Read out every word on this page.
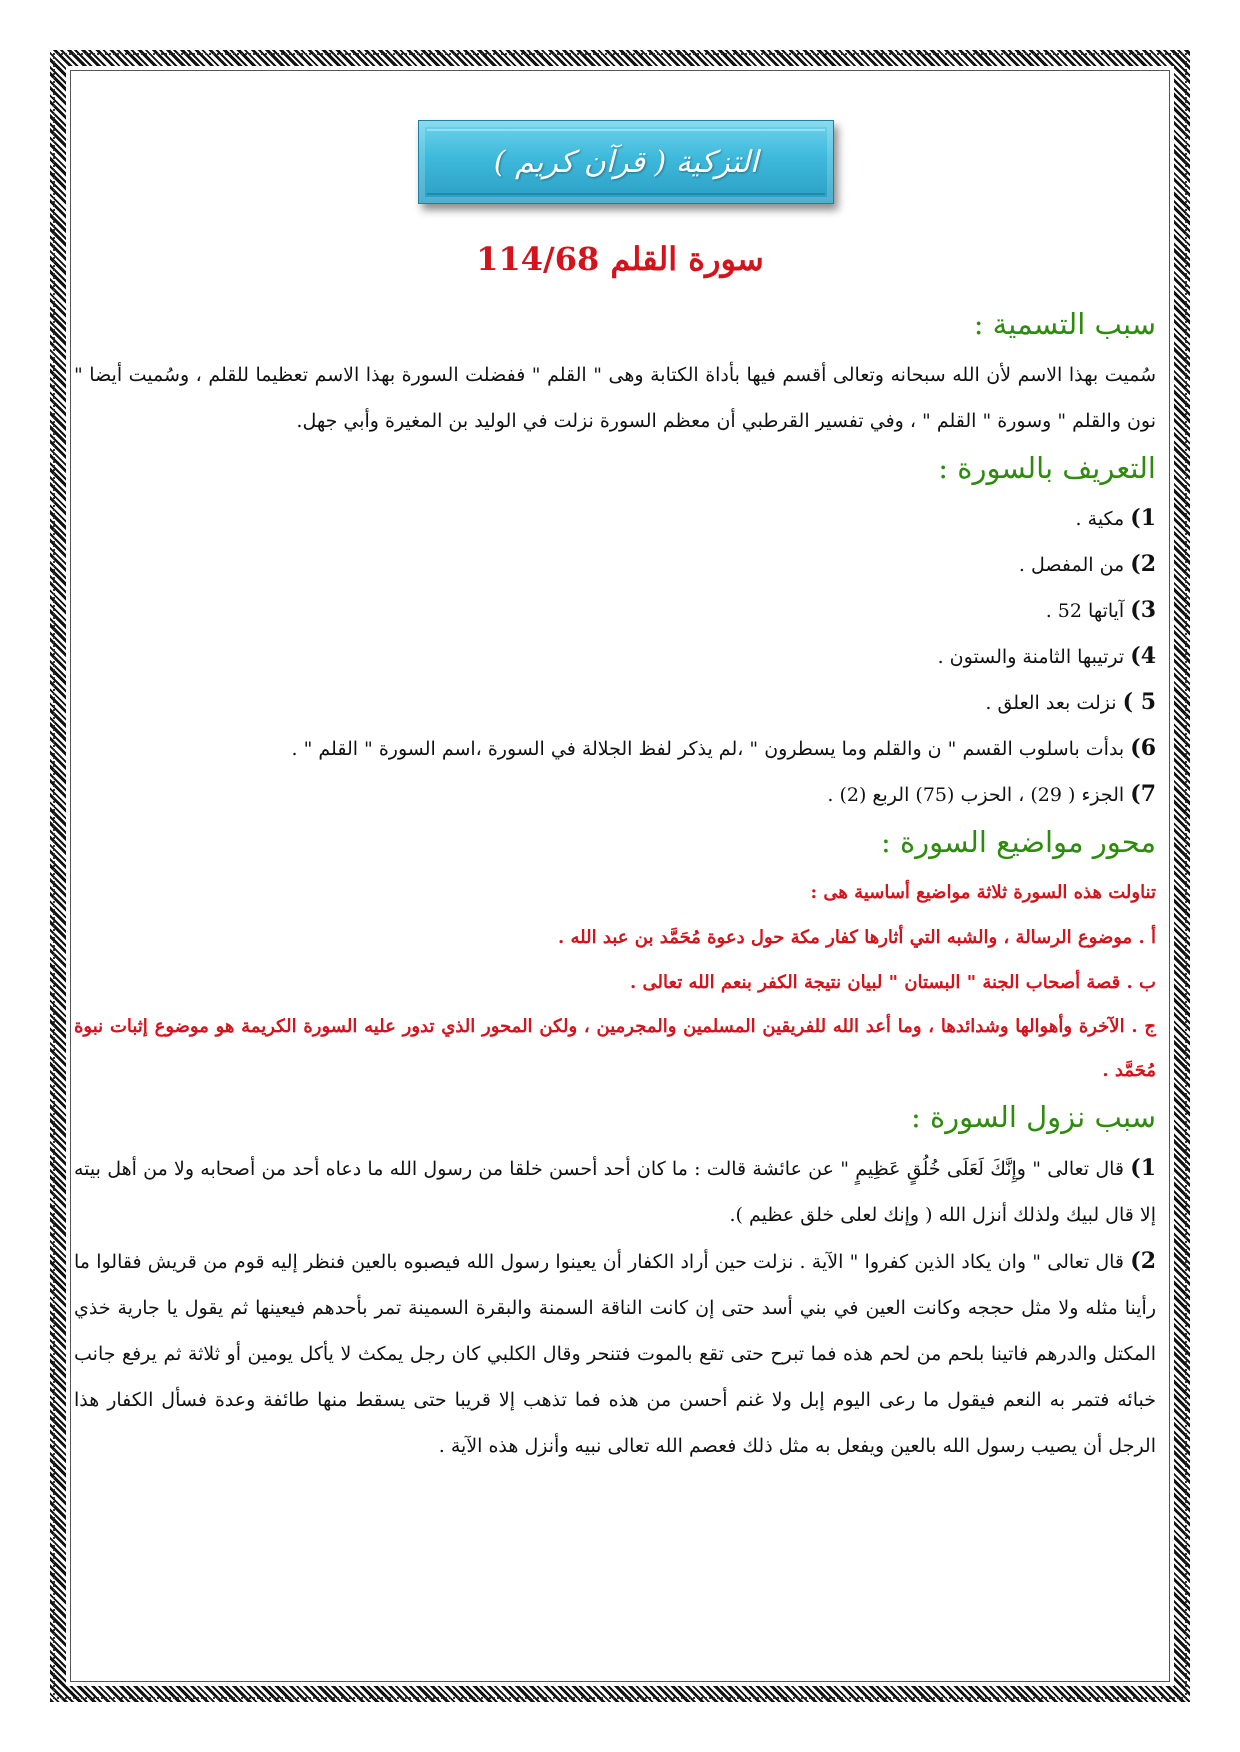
التزكية ( قرآن كريم )
سورة القلم 114/68
سبب التسمية :

سُميت بهذا الاسم لأن الله سبحانه وتعالى أقسم فيها بأداة الكتابة وهى " القلم " ففضلت السورة بهذا الاسم تعظيما للقلم ، وسُميت أيضا " نون والقلم " وسورة " القلم " ، وفي تفسير القرطبي أن معظم السورة نزلت في الوليد بن المغيرة وأبي جهل.

التعريف بالسورة :

1) مكية .

2) من المفصل .

3) آياتها 52 .

4) ترتيبها الثامنة والستون .

5 ) نزلت بعد العلق .

6) بدأت باسلوب القسم " ن والقلم وما يسطرون " ،لم يذكر لفظ الجلالة في السورة ،اسم السورة " القلم " .

7) الجزء ( 29) ، الحزب (75) الربع (2) .

محور مواضيع السورة :

تناولت هذه السورة ثلاثة مواضيع أساسية هى :

أ . موضوع الرسالة ، والشبه التي أثارها كفار مكة حول دعوة مُحَمَّد بن عبد الله .

ب . قصة أصحاب الجنة " البستان " لبيان نتيجة الكفر بنعم الله تعالى .

ج . الآخرة وأهوالها وشدائدها ، وما أعد الله للفريقين المسلمين والمجرمين ، ولكن المحور الذي تدور عليه السورة الكريمة هو موضوع إثبات نبوة مُحَمَّد .

سبب نزول السورة :

1) قال تعالى " وإِنَّكَ لَعَلَى خُلُقٍ عَظِيمٍ " عن عائشة قالت : ما كان أحد أحسن خلقا من رسول الله ما دعاه أحد من أصحابه ولا من أهل بيته إلا قال لبيك ولذلك أنزل الله ( وإنك لعلى خلق عظيم ).

2) قال تعالى " وان يكاد الذين كفروا " الآية . نزلت حين أراد الكفار أن يعينوا رسول الله فيصبوه بالعين فنظر إليه قوم من قريش فقالوا ما رأينا مثله ولا مثل حججه وكانت العين في بني أسد حتى إن كانت الناقة السمنة والبقرة السمينة تمر بأحدهم فيعينها ثم يقول يا جارية خذي المكتل والدرهم فاتينا بلحم من لحم هذه فما تبرح حتى تقع بالموت فتنحر وقال الكلبي كان رجل يمكث لا يأكل يومين أو ثلاثة ثم يرفع جانب خبائه فتمر به النعم فيقول ما رعى اليوم إبل ولا غنم أحسن من هذه فما تذهب إلا قريبا حتى يسقط منها طائفة وعدة فسأل الكفار هذا الرجل أن يصيب رسول الله بالعين ويفعل به مثل ذلك فعصم الله تعالى نبيه وأنزل هذه الآية .
